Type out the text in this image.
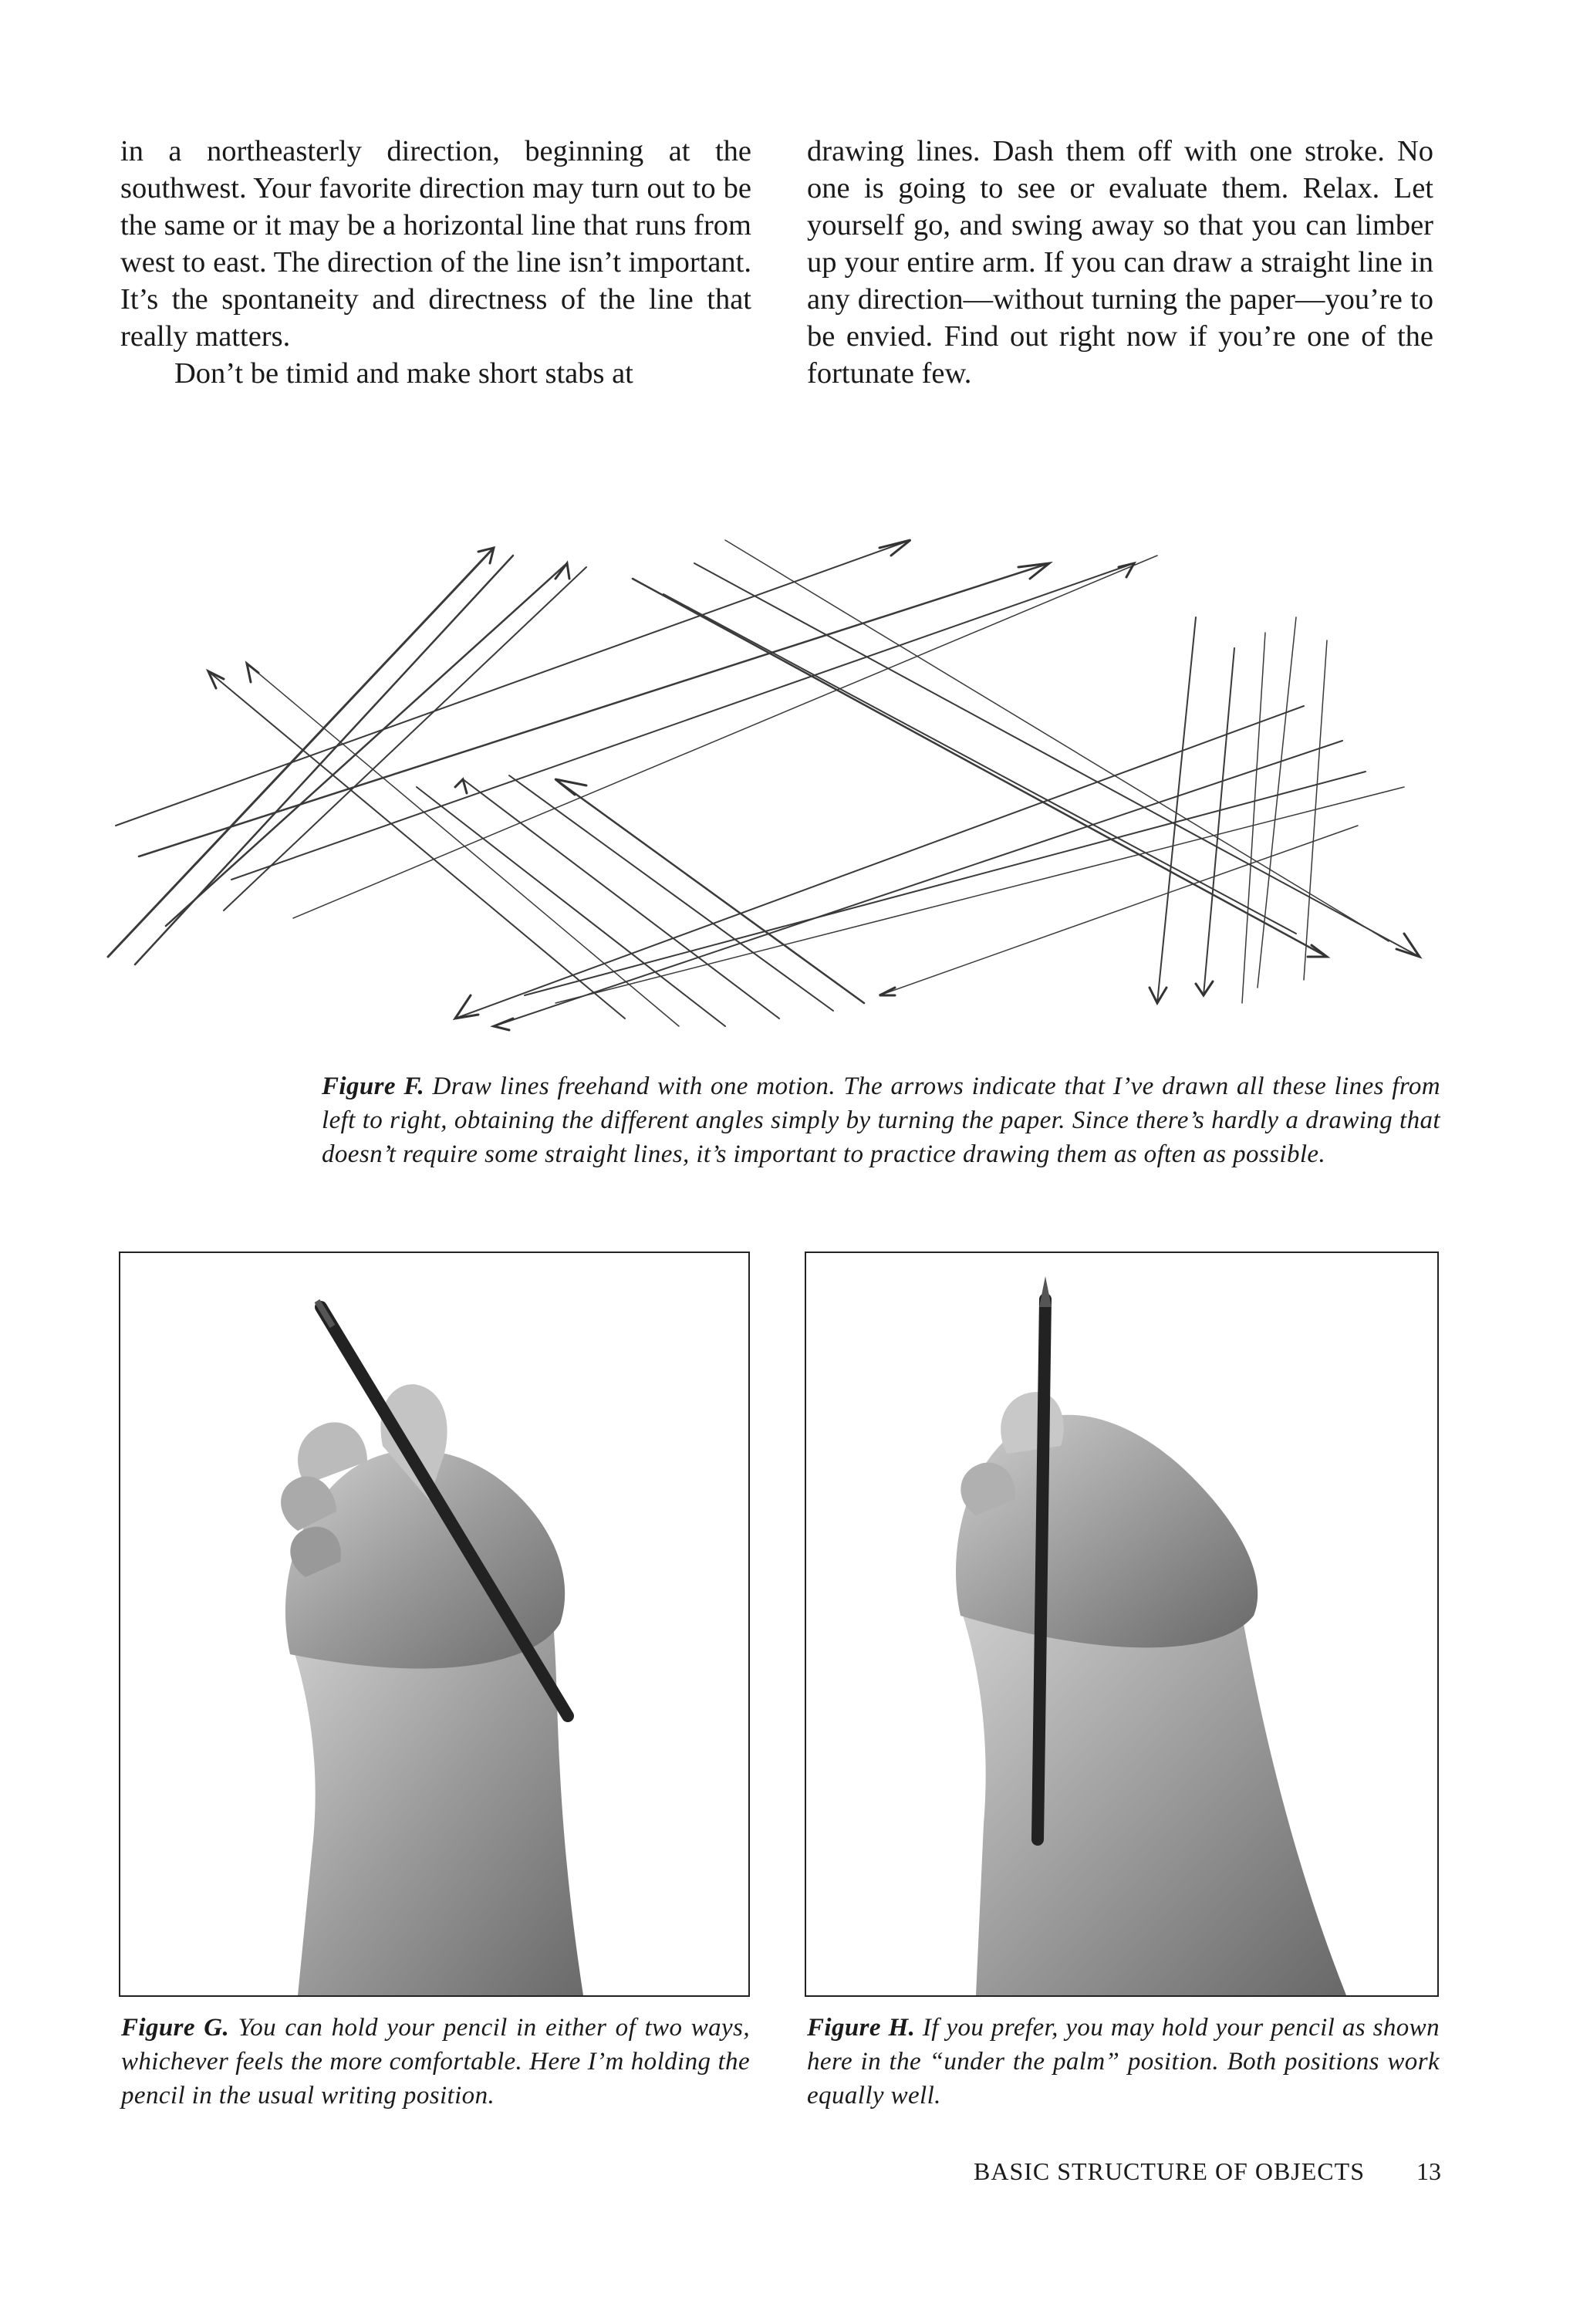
in a northeasterly direction, beginning at the southwest. Your favorite direction may turn out to be the same or it may be a horizontal line that runs from west to east. The direction of the line isn’t important. It’s the spontaneity and directness of the line that really matters.

Don’t be timid and make short stabs at

drawing lines. Dash them off with one stroke. No one is going to see or evaluate them. Relax. Let yourself go, and swing away so that you can limber up your entire arm. If you can draw a straight line in any direction—without turning the paper—you’re to be envied. Find out right now if you’re one of the fortunate few.

Figure F. Draw lines freehand with one motion. The arrows indicate that I’ve drawn all these lines from left to right, obtaining the different angles simply by turning the paper. Since there’s hardly a drawing that doesn’t require some straight lines, it’s important to practice drawing them as often as possible.
Figure G. You can hold your pencil in either of two ways, whichever feels the more comfortable. Here I’m holding the pencil in the usual writing position.
Figure H. If you prefer, you may hold your pencil as shown here in the “under the palm” position. Both positions work equally well.
BASIC STRUCTURE OF OBJECTS 13
